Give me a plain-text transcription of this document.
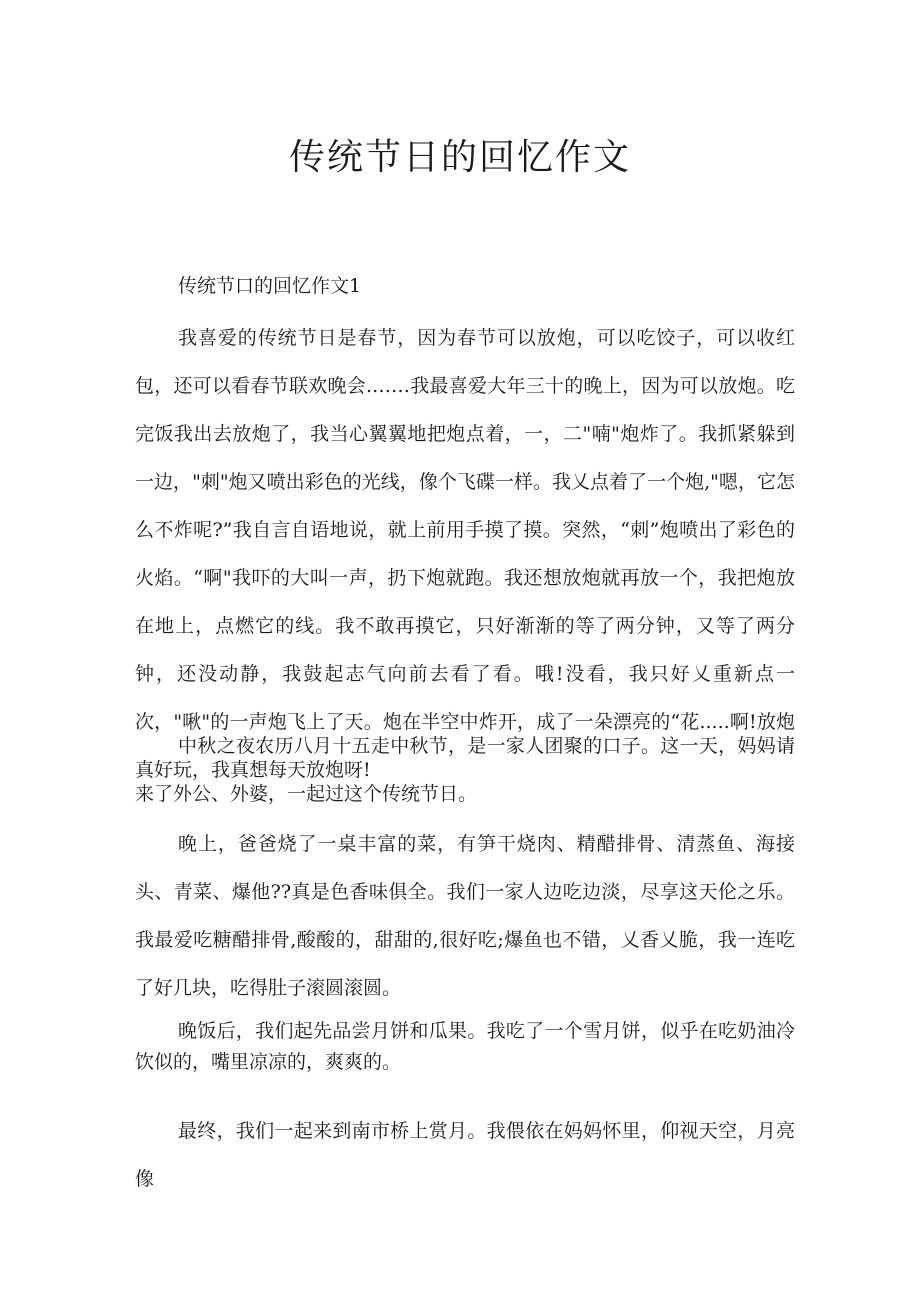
传统节日的回忆作文

传统节口的回忆作文1

我喜爱的传统节日是春节，因为春节可以放炮，可以吃饺子，可以收红包，还可以看春节联欢晚会.……我最喜爱大年三十的晚上，因为可以放炮。吃完饭我出去放炮了，我当心翼翼地把炮点着，一，二"喃"炮炸了。我抓紧躲到一边，"刺"炮又喷出彩色的光线，像个飞碟一样。我乂点着了一个炮,"嗯，它怎么不炸呢?”我自言自语地说，就上前用手摸了摸。突然，“刺”炮喷出了彩色的火焰。“啊"我吓的大叫一声，扔下炮就跑。我还想放炮就再放一个，我把炮放在地上，点燃它的线。我不敢再摸它，只好渐渐的等了两分钟，又等了两分钟，还没动静，我鼓起志气向前去看了看。哦!没看，我只好乂重新点一次，"啾"的一声炮飞上了天。炮在半空中炸开，成了一朵漂亮的“花.....啊!放炮真好玩，我真想每天放炮呀!

中秋之夜农历八月十五走中秋节，是一家人团聚的口子。这一天，妈妈请来了外公、外婆，一起过这个传统节日。

晚上，爸爸烧了一桌丰富的菜，有笋干烧肉、精醋排骨、清蒸鱼、海接头、青菜、爆他??真是色香味俱全。我们一家人边吃边淡，尽享这天伦之乐。我最爱吃糖醋排骨,酸酸的，甜甜的,很好吃;爆鱼也不错，乂香乂脆，我一连吃了好几块，吃得肚子滚圆滚圆。

晚饭后，我们起先品尝月饼和瓜果。我吃了一个雪月饼，似乎在吃奶油冷饮似的，嘴里凉凉的，爽爽的。

最终，我们一起来到南市桥上赏月。我偎依在妈妈怀里，仰视天空，月亮像
